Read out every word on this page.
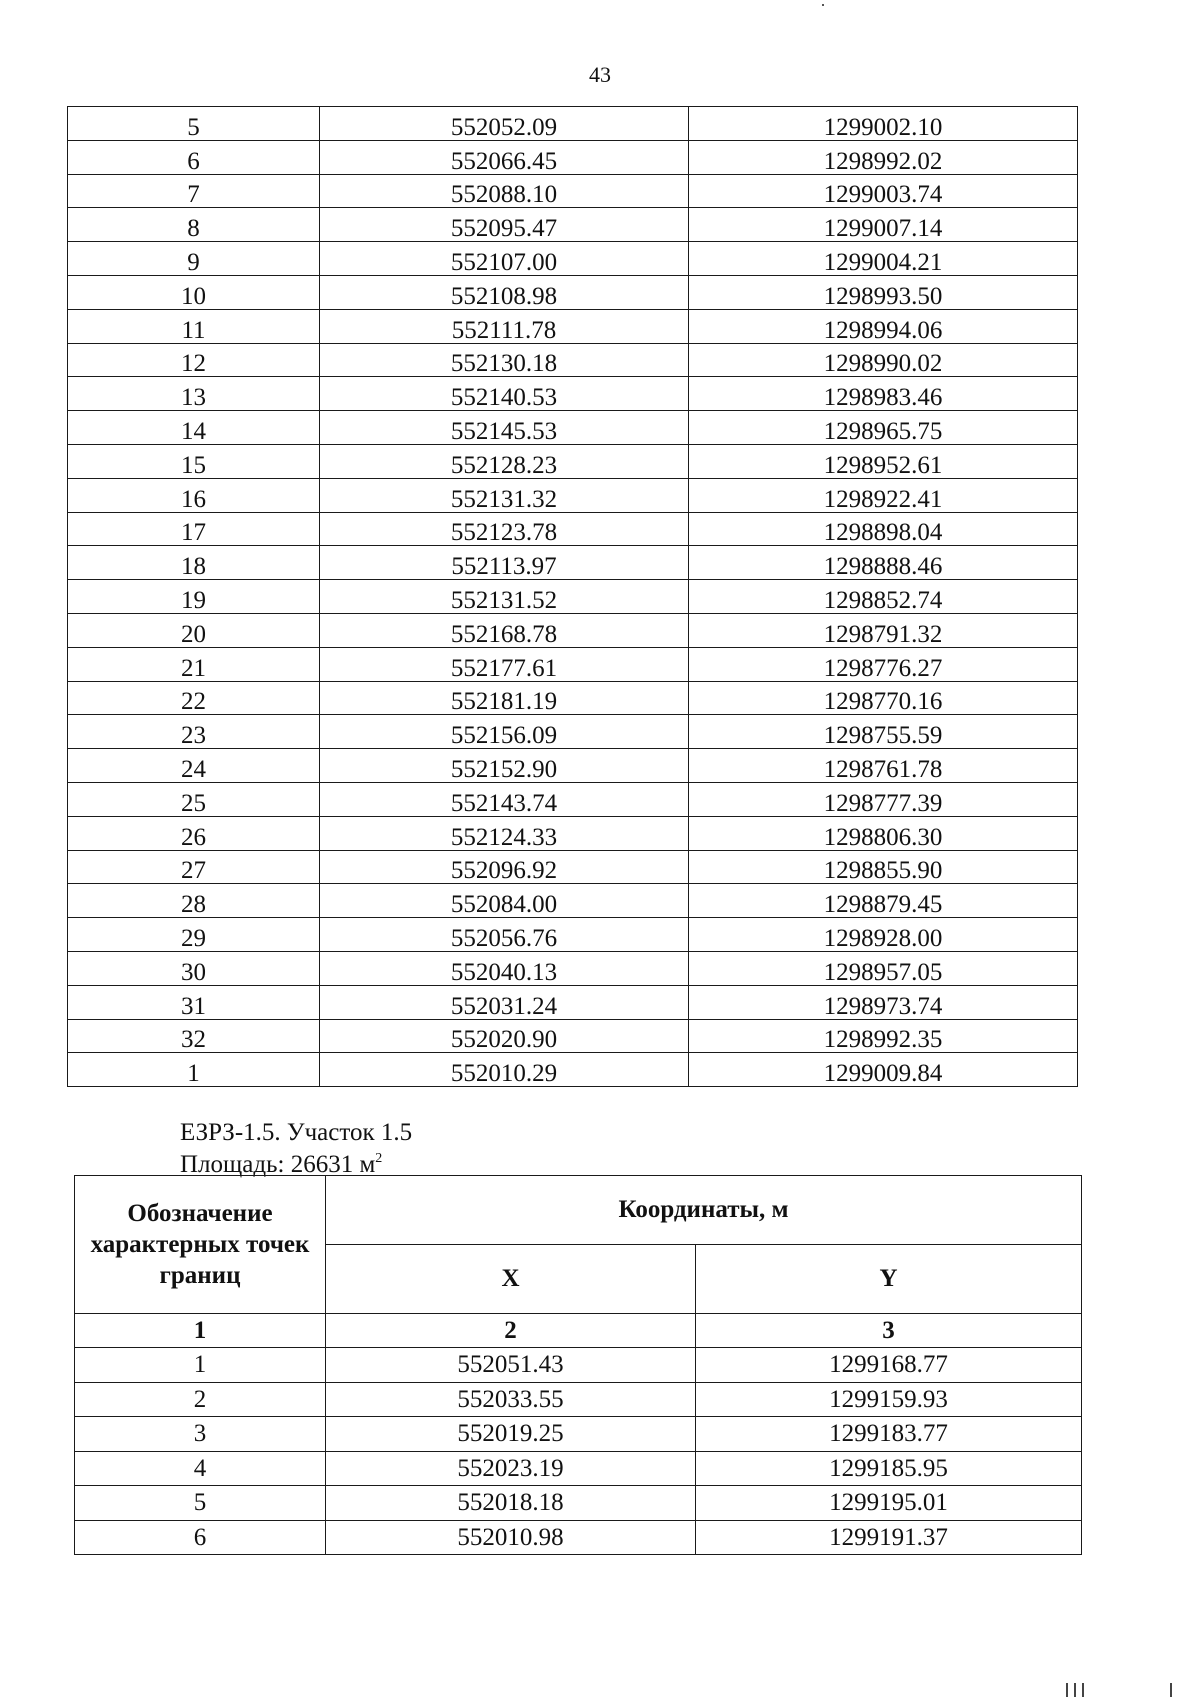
43
5	552052.09	1299002.10
6	552066.45	1298992.02
7	552088.10	1299003.74
8	552095.47	1299007.14
9	552107.00	1299004.21
10	552108.98	1298993.50
11	552111.78	1298994.06
12	552130.18	1298990.02
13	552140.53	1298983.46
14	552145.53	1298965.75
15	552128.23	1298952.61
16	552131.32	1298922.41
17	552123.78	1298898.04
18	552113.97	1298888.46
19	552131.52	1298852.74
20	552168.78	1298791.32
21	552177.61	1298776.27
22	552181.19	1298770.16
23	552156.09	1298755.59
24	552152.90	1298761.78
25	552143.74	1298777.39
26	552124.33	1298806.30
27	552096.92	1298855.90
28	552084.00	1298879.45
29	552056.76	1298928.00
30	552040.13	1298957.05
31	552031.24	1298973.74
32	552020.90	1298992.35
1	552010.29	1299009.84
ЕЗРЗ-1.5. Участок 1.5
Площадь: 26631 $м^2$
Обозначение характерных точек границ	Координаты, м	
	X	Y
1	2	3
1	552051.43	1299168.77
2	552033.55	1299159.93
3	552019.25	1299183.77
4	552023.19	1299185.95
5	552018.18	1299195.01
6	552010.98	1299191.37
